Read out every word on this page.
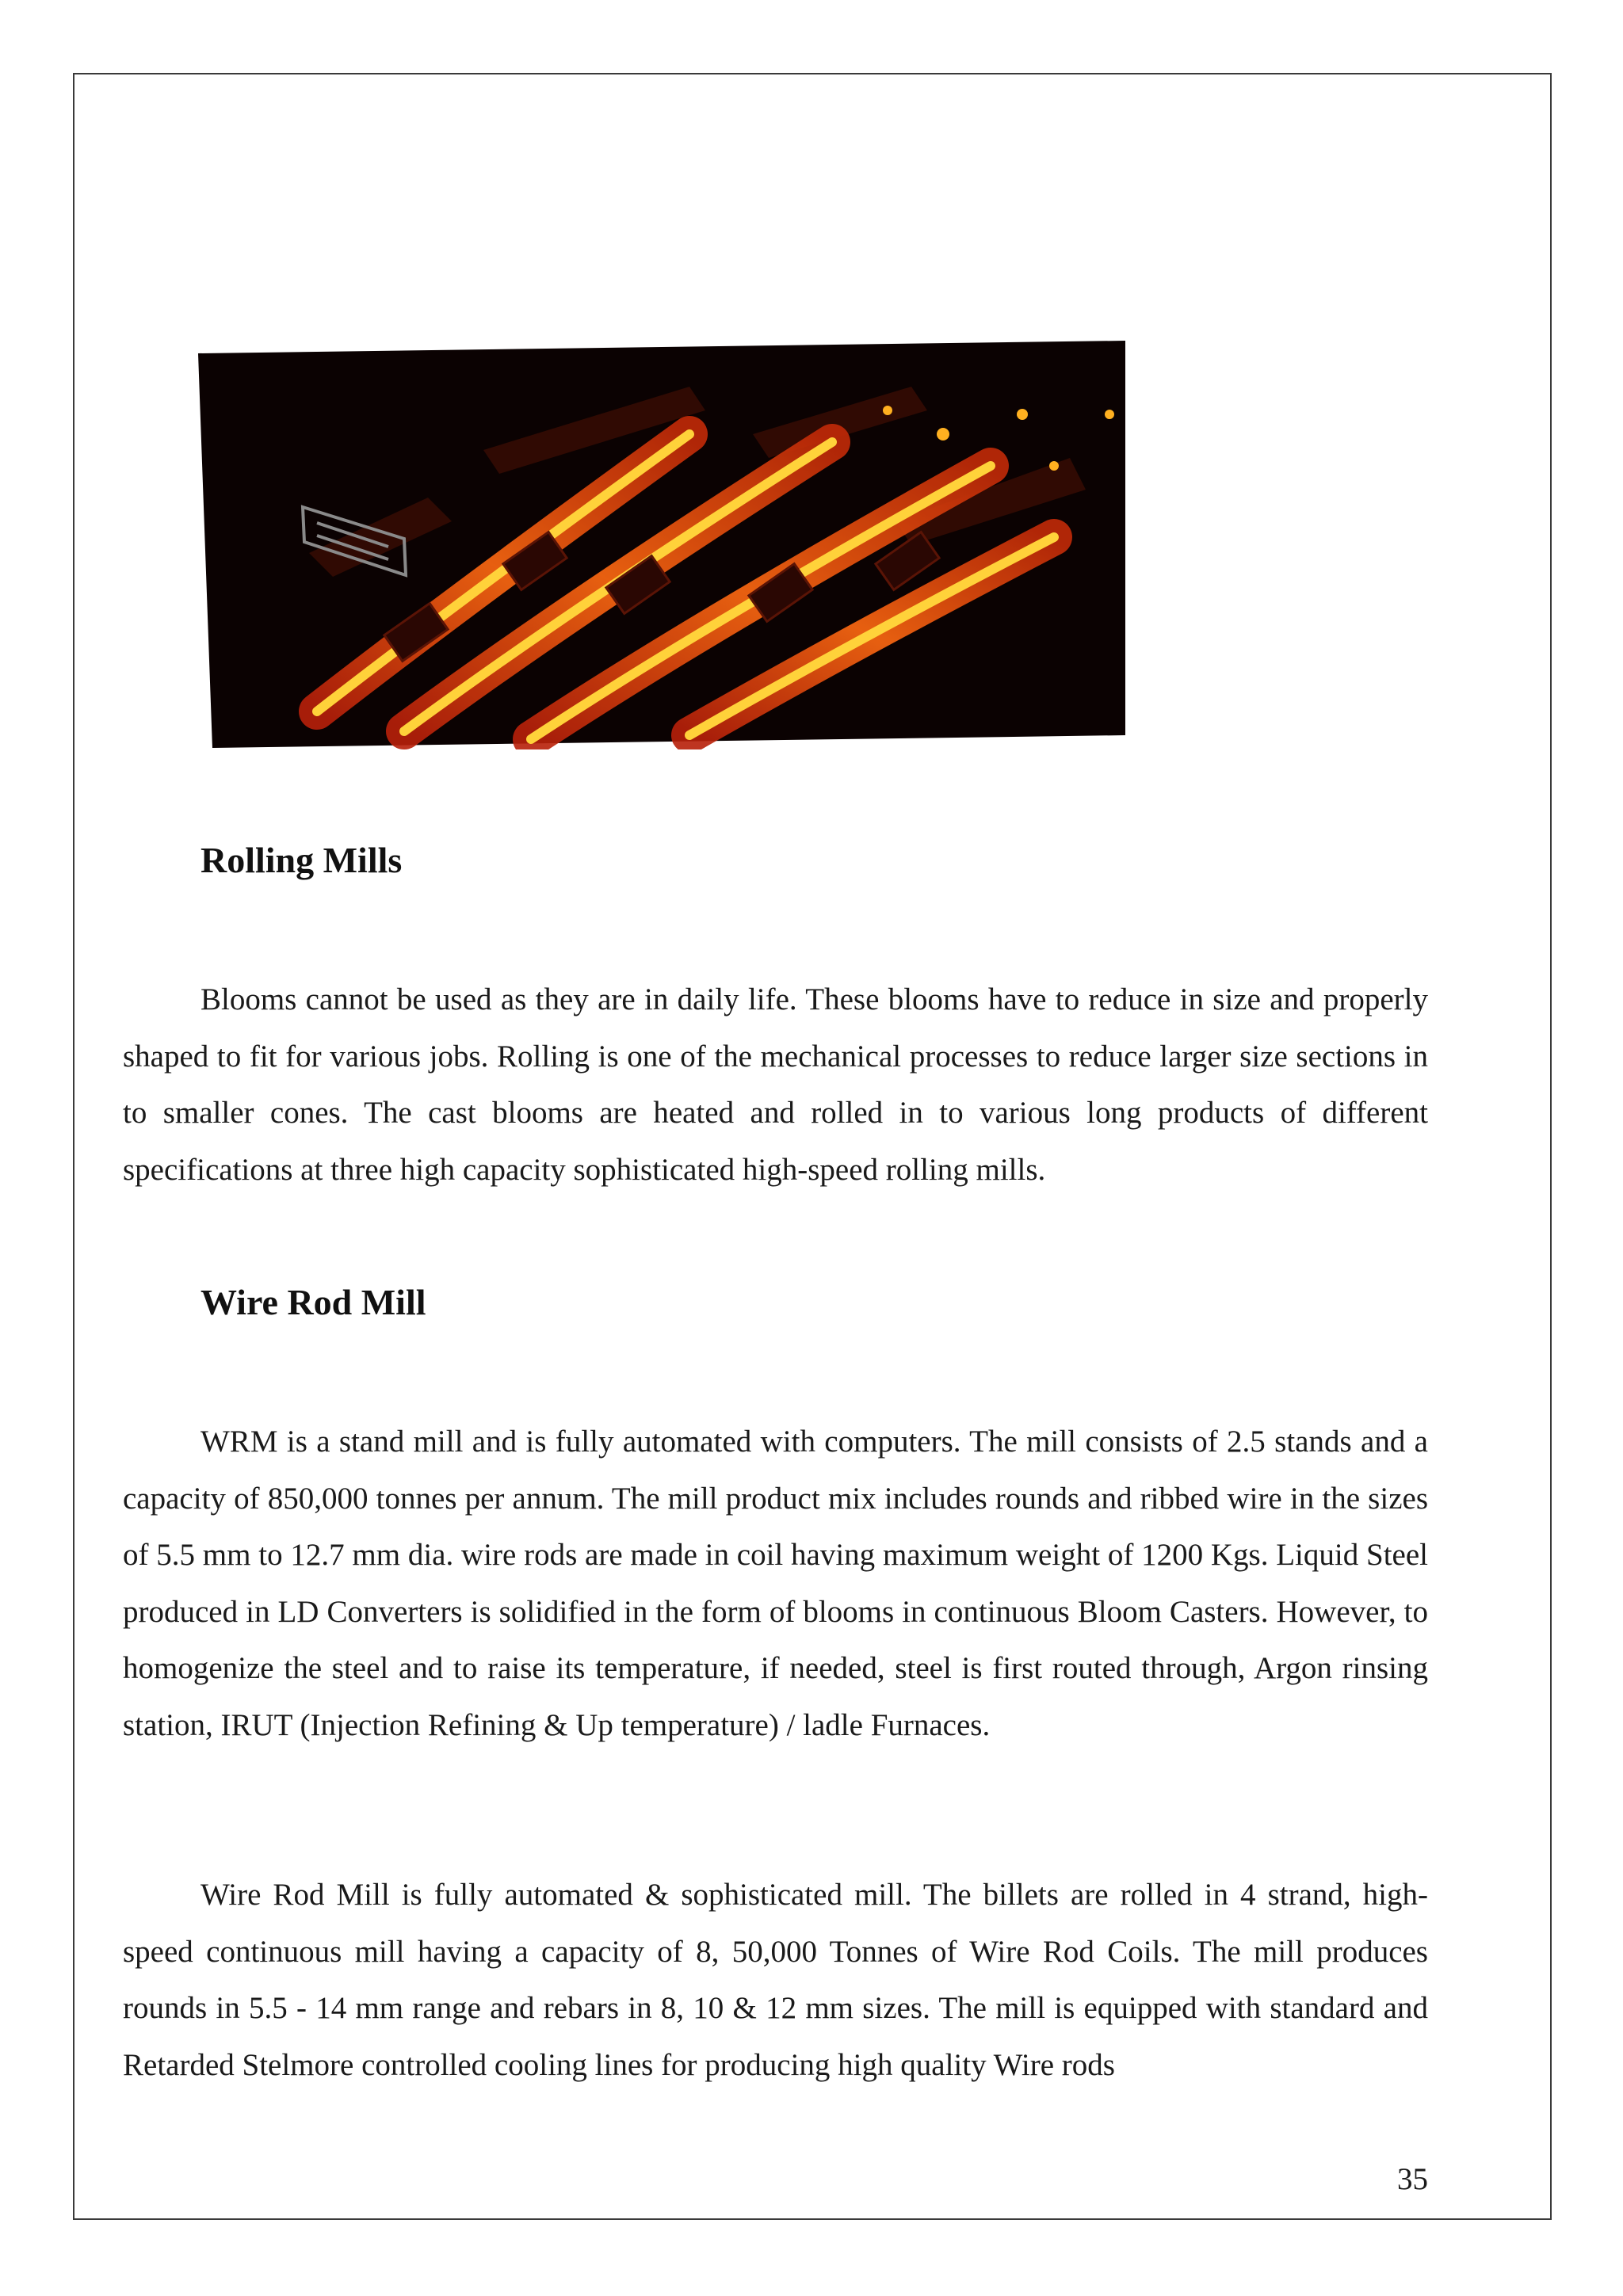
Rolling Mills

Blooms cannot be used as they are in daily life. These blooms have to reduce in size and properly shaped to fit for various jobs. Rolling is one of the mechanical processes to reduce larger size sections in to smaller cones. The cast blooms are heated and rolled in to various long products of different specifications at three high capacity sophisticated high-speed rolling mills.

Wire Rod Mill

WRM is a stand mill and is fully automated with computers. The mill consists of 2.5 stands and a capacity of 850,000 tonnes per annum. The mill product mix includes rounds and ribbed wire in the sizes of 5.5 mm to 12.7 mm dia. wire rods are made in coil having maximum weight of 1200 Kgs. Liquid Steel produced in LD Converters is solidified in the form of blooms in continuous Bloom Casters. However, to homogenize the steel and to raise its temperature, if needed, steel is first routed through, Argon rinsing station, IRUT (Injection Refining & Up temperature) / ladle Furnaces.

Wire Rod Mill is fully automated & sophisticated mill. The billets are rolled in 4 strand, high-speed continuous mill having a capacity of 8, 50,000 Tonnes of Wire Rod Coils. The mill produces rounds in 5.5 - 14 mm range and rebars in 8, 10 & 12 mm sizes. The mill is equipped with standard and Retarded Stelmore controlled cooling lines for producing high quality Wire rods

35
